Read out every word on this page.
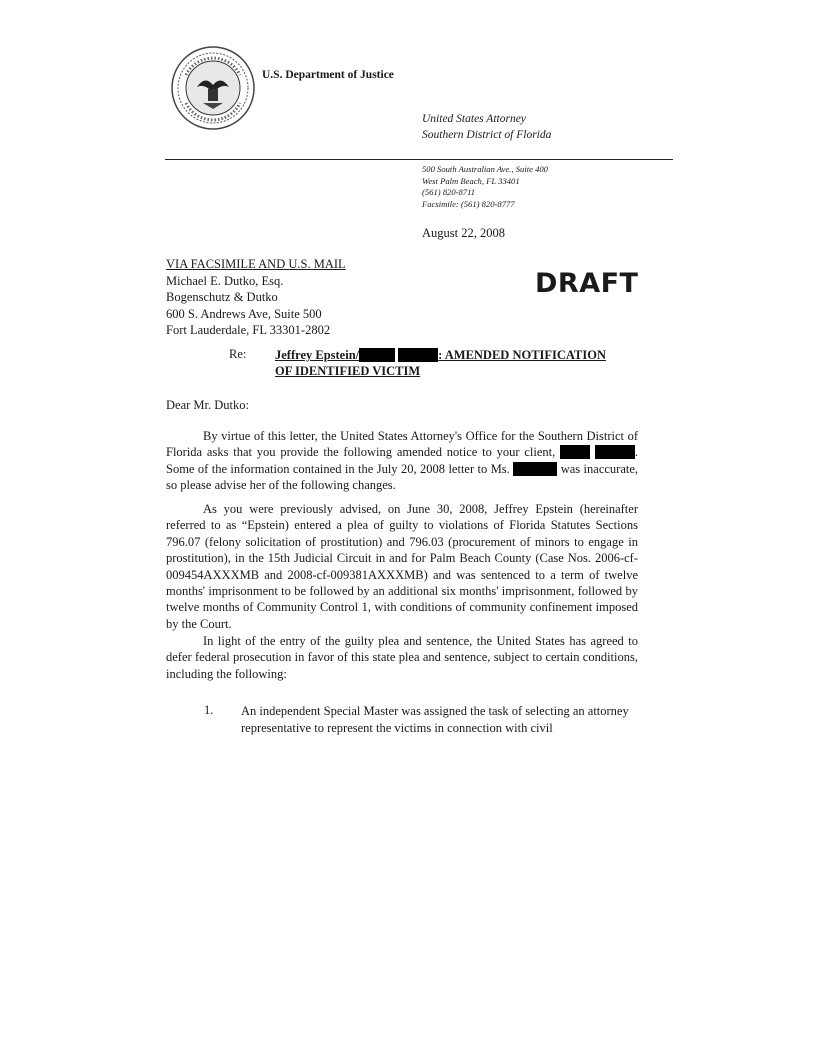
U.S. Department of Justice
United States Attorney
Southern District of Florida
500 South Australian Ave., Suite 400
West Palm Beach, FL 33401
(561) 820-8711
Facsimile: (561) 820-8777
August 22, 2008
VIA FACSIMILE AND U.S. MAIL
Michael E. Dutko, Esq.
Bogenschutz & Dutko
600 S. Andrews Ave, Suite 500
Fort Lauderdale, FL 33301-2802
DRAFT
Re: Jeffrey Epstein/	: AMENDED NOTIFICATION
OF IDENTIFIED VICTIM
Dear Mr. Dutko:
By virtue of this letter, the United States Attorney's Office for the Southern District of Florida asks that you provide the following amended notice to your client,	. Some of the information contained in the July 20, 2008 letter to Ms.	was inaccurate, so please advise her of the following changes.
As you were previously advised, on June 30, 2008, Jeffrey Epstein (hereinafter referred to as “Epstein) entered a plea of guilty to violations of Florida Statutes Sections 796.07 (felony solicitation of prostitution) and 796.03 (procurement of minors to engage in prostitution), in the 15th Judicial Circuit in and for Palm Beach County (Case Nos. 2006-cf-009454AXXXMB and 2008-cf-009381AXXXMB) and was sentenced to a term of twelve months' imprisonment to be followed by an additional six months' imprisonment, followed by twelve months of Community Control 1, with conditions of community confinement imposed by the Court.
In light of the entry of the guilty plea and sentence, the United States has agreed to defer federal prosecution in favor of this state plea and sentence, subject to certain conditions, including the following:
1. An independent Special Master was assigned the task of selecting an attorney representative to represent the victims in connection with civil
